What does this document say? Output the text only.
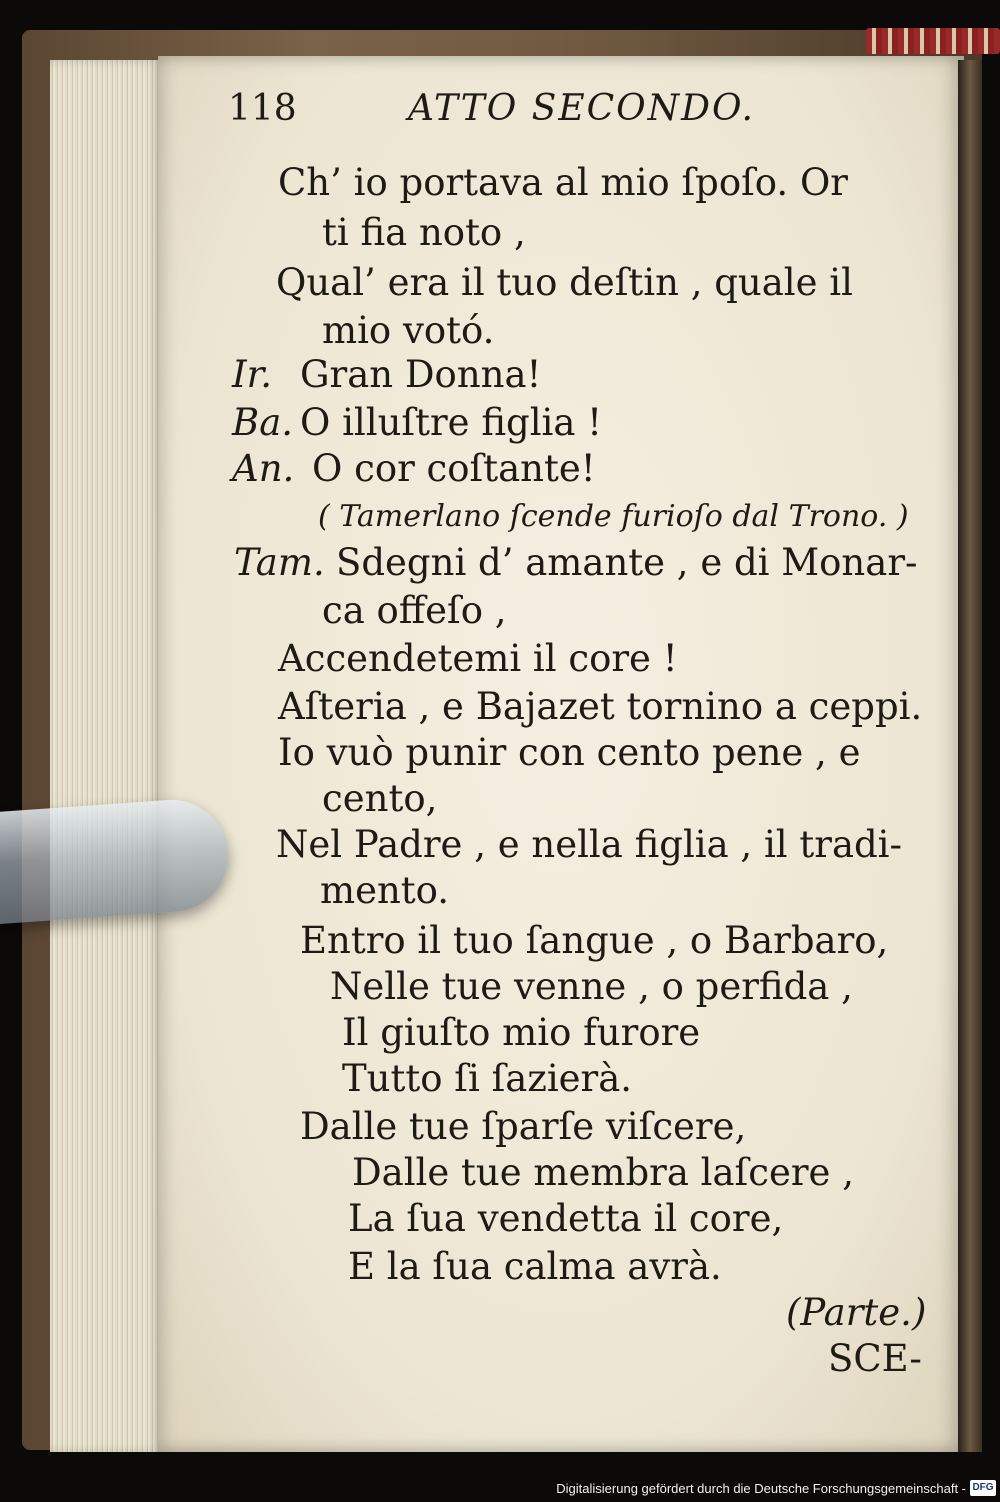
118	ATTO SECONDO.
Ch’ io portava al mio ſpoſo. Or
ti fia noto ,
Qual’ era il tuo deſtin , quale il
mio votó.
Ir. Gran Donna!
Ba. O illuſtre figlia !
An. O cor coſtante!
( Tamerlano ſcende furioſo dal Trono. )
Tam. Sdegni d’ amante , e di Monar-
ca offeſo ,
Accendetemi il core !
Aſteria , e Bajazet tornino a ceppi.
Io vuò punir con cento pene , e
cento,
Nel Padre , e nella figlia , il tradi-
mento.
Entro il tuo ſangue , o Barbaro,
Nelle tue venne , o perfida ,
Il giuſto mio furore
Tutto ſi ſazierà.
Dalle tue ſparſe viſcere,
Dalle tue membra laſcere ,
La ſua vendetta il core,
E la ſua calma avrà.
(Parte.)
SCE-
Digitalisierung gefördert durch die Deutsche Forschungsgemeinschaft - DFG
